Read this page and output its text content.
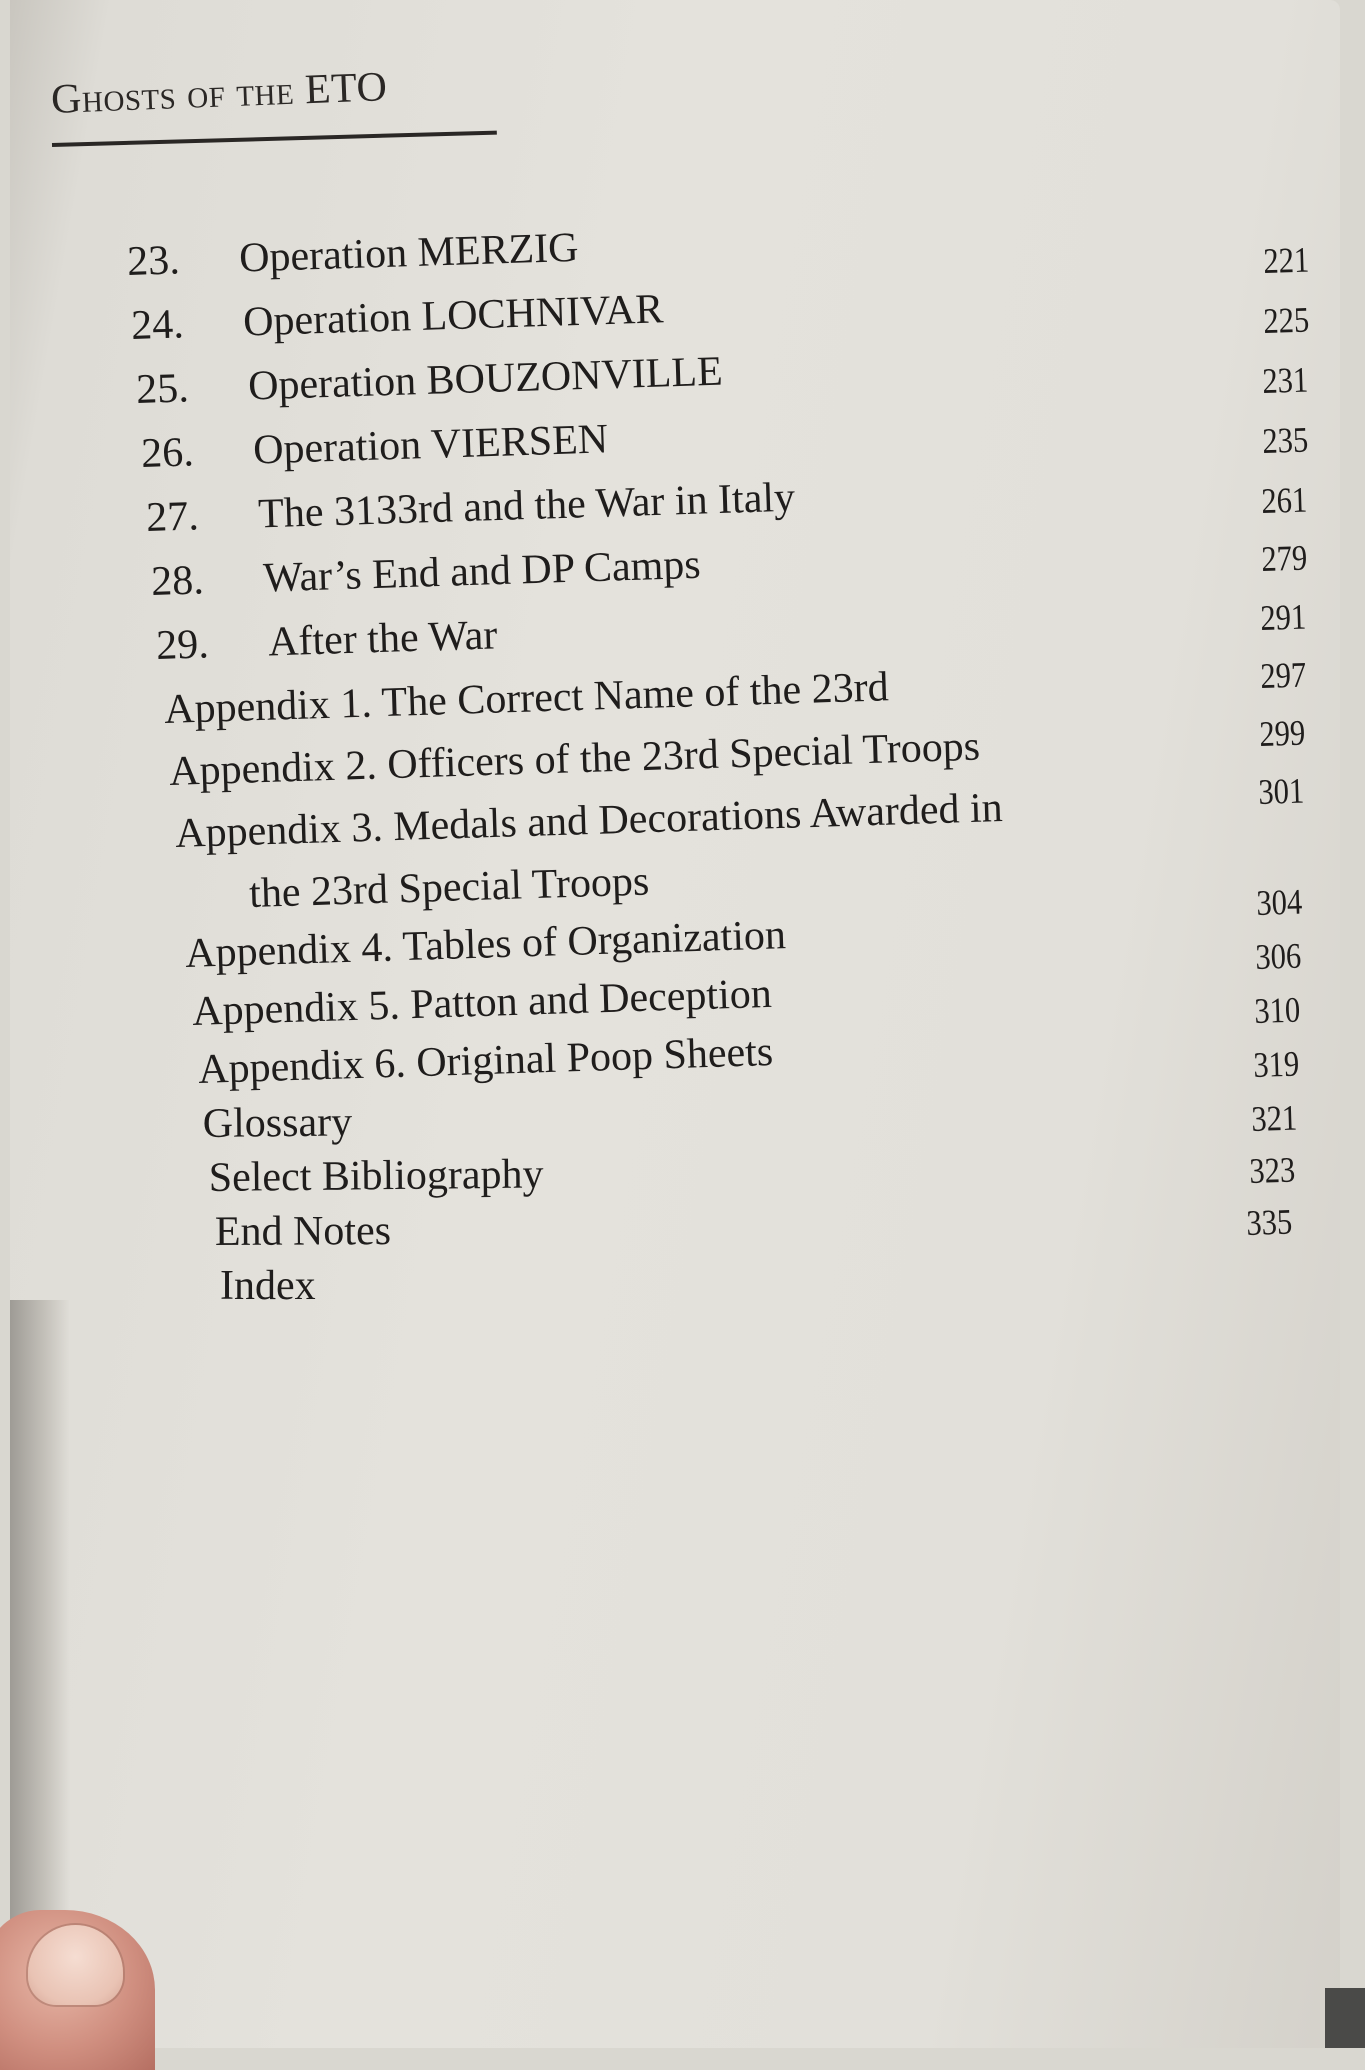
Ghosts of the ETO
23. Operation MERZIG
24. Operation LOCHNIVAR
25. Operation BOUZONVILLE
26. Operation VIERSEN
27. The 3133rd and the War in Italy
28. War’s End and DP Camps
29. After the War
Appendix 1. The Correct Name of the 23rd
Appendix 2. Officers of the 23rd Special Troops
Appendix 3. Medals and Decorations Awarded in
the 23rd Special Troops
Appendix 4. Tables of Organization
Appendix 5. Patton and Deception
Appendix 6. Original Poop Sheets
Glossary
Select Bibliography
End Notes
Index
221
225
231
235
261
279
291
297
299
301
304
306
310
319
321
323
335
